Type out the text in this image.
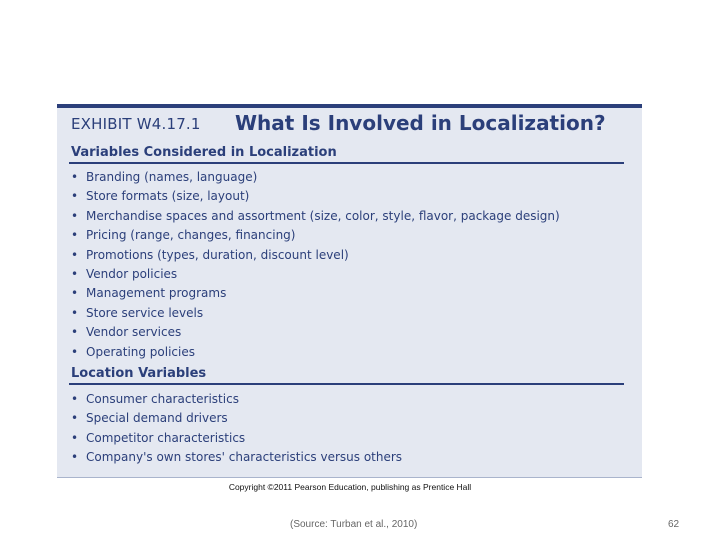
EXHIBIT W4.17.1 What Is Involved in Localization?
Variables Considered in Localization
• Branding (names, language)
• Store formats (size, layout)
• Merchandise spaces and assortment (size, color, style, flavor, package design)
• Pricing (range, changes, financing)
• Promotions (types, duration, discount level)
• Vendor policies
• Management programs
• Store service levels
• Vendor services
• Operating policies
Location Variables
• Consumer characteristics
• Special demand drivers
• Competitor characteristics
• Company's own stores' characteristics versus others
Copyright ©2011 Pearson Education, publishing as Prentice Hall
(Source: Turban et al., 2010)	62
